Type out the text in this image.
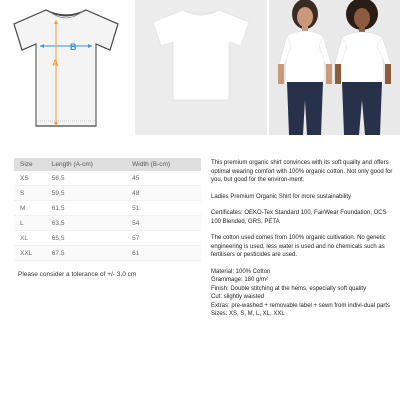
B
A
Size	Length (A-cm)	Width (B-cm)
XS	56,5	45
S	59,5	48
M	61,5	51
L	63,5	54
XL	65,5	57
XXL	67,5	61
Please consider a tolerance of +/- 3,0 cm

This premium organic shirt convinces with its soft quality and offers optimal wearing comfort with 100% organic cotton. Not only good for you, but good for the environ-ment.

Ladies Premium Organic Shirt for more sustainability

Certificates: OEKO-Tex Standard 100, FairWear Foundation, OCS 100 Blended, GRS, PETA

The cotton used comes from 100% organic cultivation. No genetic engineering is used, less water is used and no chemicals such as fertilisers or pesticides are used.

Material: 100% Cotton

Grammage: 180 g/m²

Finish: Double stitching at the hems, especially soft quality

Cut: slightly waisted

Extras: pre-washed + removable label + sewn from indivi-dual parts

Sizes: XS, S, M, L, XL, XXL
